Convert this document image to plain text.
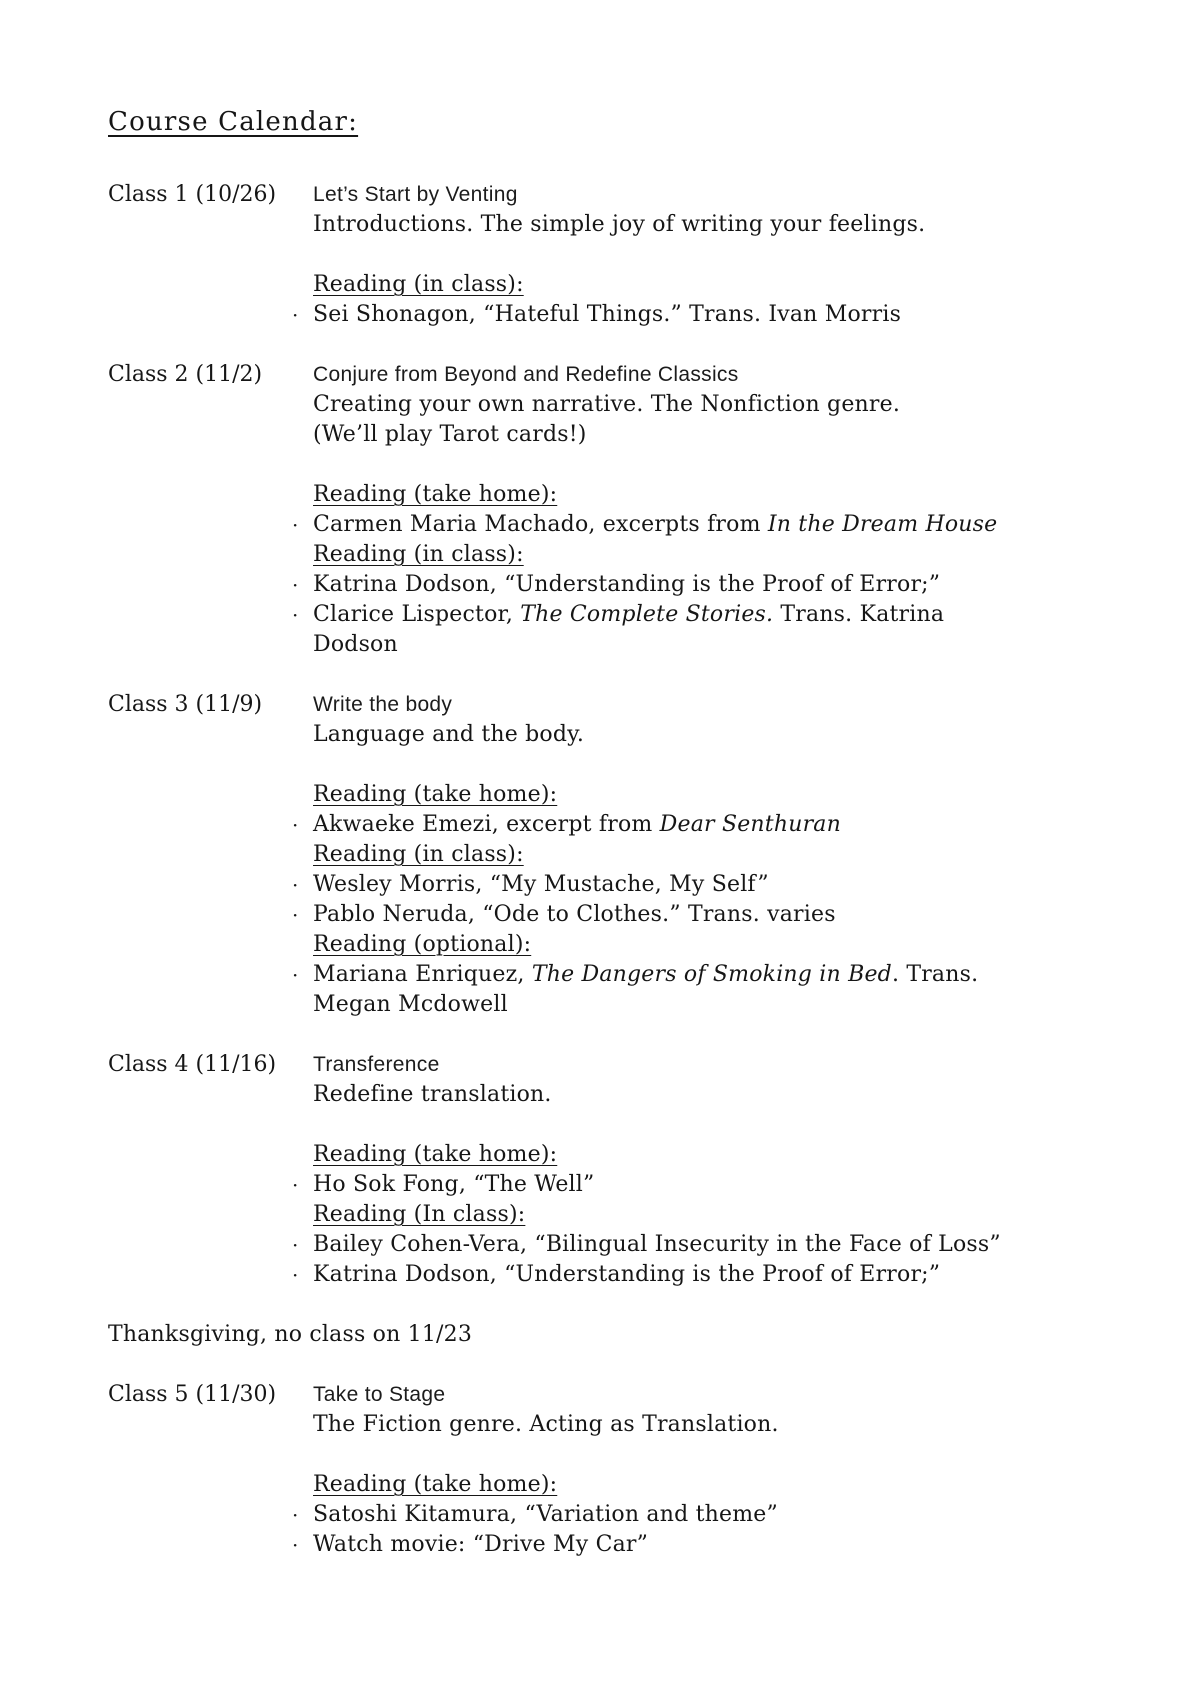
Course Calendar:
Class 1 (10/26)	Let’s Start by Venting
Introductions. The simple joy of writing your feelings.
Reading (in class):
· Sei Shonagon, “Hateful Things.” Trans. Ivan Morris
Class 2 (11/2)	Conjure from Beyond and Redefine Classics
Creating your own narrative. The Nonfiction genre.
(We’ll play Tarot cards!)
Reading (take home):
· Carmen Maria Machado, excerpts from In the Dream House
Reading (in class):
· Katrina Dodson, “Understanding is the Proof of Error;”
· Clarice Lispector, The Complete Stories. Trans. Katrina
Dodson
Class 3 (11/9)	Write the body
Language and the body.
Reading (take home):
· Akwaeke Emezi, excerpt from Dear Senthuran
Reading (in class):
· Wesley Morris, “My Mustache, My Self”
· Pablo Neruda, “Ode to Clothes.” Trans. varies
Reading (optional):
· Mariana Enriquez, The Dangers of Smoking in Bed. Trans.
Megan Mcdowell
Class 4 (11/16)	Transference
Redefine translation.
Reading (take home):
· Ho Sok Fong, “The Well”
Reading (In class):
· Bailey Cohen-Vera, “Bilingual Insecurity in the Face of Loss”
· Katrina Dodson, “Understanding is the Proof of Error;”
Thanksgiving, no class on 11/23
Class 5 (11/30)	Take to Stage
The Fiction genre. Acting as Translation.
Reading (take home):
· Satoshi Kitamura, “Variation and theme”
· Watch movie: “Drive My Car”
